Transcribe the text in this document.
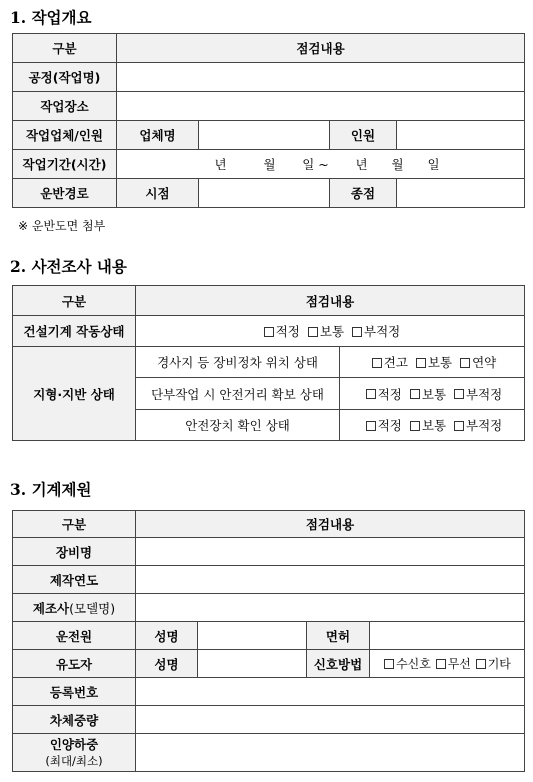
1. 작업개요
구분	점검내용			
공정(작업명)				
작업장소				
작업업체/인원	업체명		인원	
작업기간(시간)	년 월 일 ~ 년 월 일			
운반경로	시점		종점	
※ 운반도면 첨부
2. 사전조사 내용
구분	점검내용	
건설기계 작동상태	적정 보통 부적정	
지형·지반 상태	경사지 등 장비정차 위치 상태	견고 보통 연약
	단부작업 시 안전거리 확보 상태	적정 보통 부적정
	안전장치 확인 상태	적정 보통 부적정
3. 기계제원
구분	점검내용			
장비명				
제작연도				
제조사(모델명)				
운전원	성명		면허	
유도자	성명		신호방법	수신호 무선 기타
등록번호				
차체중량				

인양하중
(최대/최소)				
